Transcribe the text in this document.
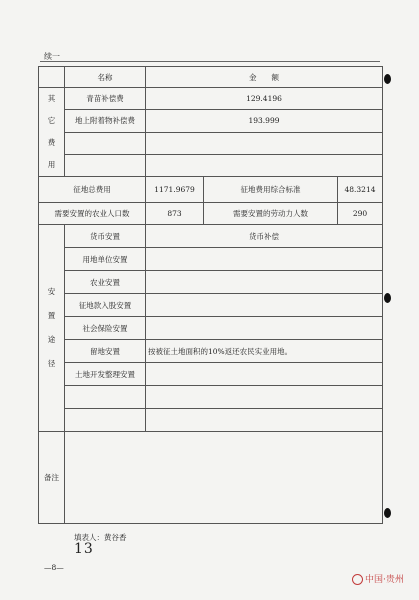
续一
	名称	金　　额		
其它费用	青苗补偿费	129.4196		
	地上附着物补偿费	193.999		

征地总费用		1171.9679	征地费用综合标准	48.3214
需要安置的农业人口数		873	需要安置的劳动力人数	290
安置途径	货币安置	货币补偿		
	用地单位安置			
	农业安置			
	征地款入股安置			
	社会保险安置			
	留地安置	按被征土地面积的10%返还农民实业用地。		
	土地开发整理安置			

备注				
填表人：黄谷香
13
—8—
中国·贵州
